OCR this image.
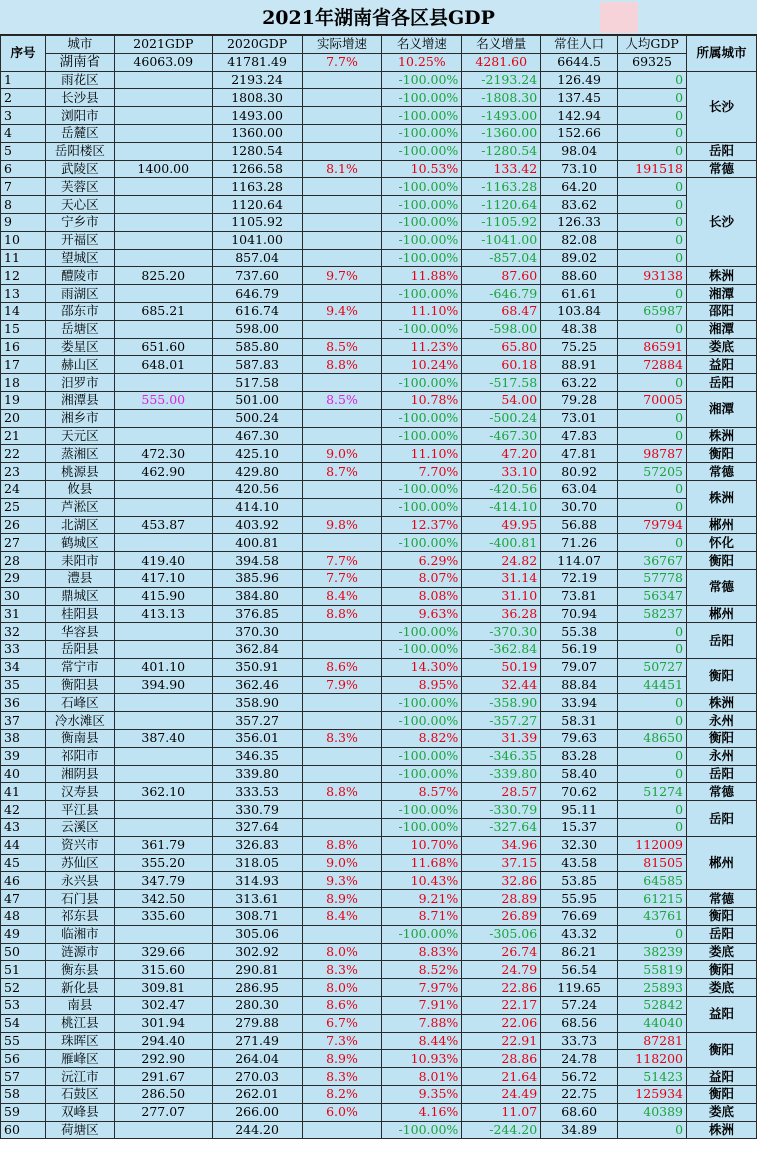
2021年湖南省各区县GDP
序号	城市	2021GDP	2020GDP	实际增速	名义增速	名义增量	常住人口	人均GDP	所属城市
	湖南省	46063.09	41781.49	7.7%	10.25%	4281.60	6644.5	69325	
1	雨花区		2193.24		-100.00%	-2193.24	126.49	0	长沙
2	长沙县		1808.30		-100.00%	-1808.30	137.45	0	
3	浏阳市		1493.00		-100.00%	-1493.00	142.94	0	
4	岳麓区		1360.00		-100.00%	-1360.00	152.66	0	
5	岳阳楼区		1280.54		-100.00%	-1280.54	98.04	0	岳阳
6	武陵区	1400.00	1266.58	8.1%	10.53%	133.42	73.10	191518	常德
7	芙蓉区		1163.28		-100.00%	-1163.28	64.20	0	长沙
8	天心区		1120.64		-100.00%	-1120.64	83.62	0	
9	宁乡市		1105.92		-100.00%	-1105.92	126.33	0	
10	开福区		1041.00		-100.00%	-1041.00	82.08	0	
11	望城区		857.04		-100.00%	-857.04	89.02	0	
12	醴陵市	825.20	737.60	9.7%	11.88%	87.60	88.60	93138	株洲
13	雨湖区		646.79		-100.00%	-646.79	61.61	0	湘潭
14	邵东市	685.21	616.74	9.4%	11.10%	68.47	103.84	65987	邵阳
15	岳塘区		598.00		-100.00%	-598.00	48.38	0	湘潭
16	娄星区	651.60	585.80	8.5%	11.23%	65.80	75.25	86591	娄底
17	赫山区	648.01	587.83	8.8%	10.24%	60.18	88.91	72884	益阳
18	汨罗市		517.58		-100.00%	-517.58	63.22	0	岳阳
19	湘潭县	555.00	501.00	8.5%	10.78%	54.00	79.28	70005	湘潭
20	湘乡市		500.24		-100.00%	-500.24	73.01	0	
21	天元区		467.30		-100.00%	-467.30	47.83	0	株洲
22	蒸湘区	472.30	425.10	9.0%	11.10%	47.20	47.81	98787	衡阳
23	桃源县	462.90	429.80	8.7%	7.70%	33.10	80.92	57205	常德
24	攸县		420.56		-100.00%	-420.56	63.04	0	株洲
25	芦淞区		414.10		-100.00%	-414.10	30.70	0	
26	北湖区	453.87	403.92	9.8%	12.37%	49.95	56.88	79794	郴州
27	鹤城区		400.81		-100.00%	-400.81	71.26	0	怀化
28	耒阳市	419.40	394.58	7.7%	6.29%	24.82	114.07	36767	衡阳
29	澧县	417.10	385.96	7.7%	8.07%	31.14	72.19	57778	常德
30	鼎城区	415.90	384.80	8.4%	8.08%	31.10	73.81	56347	
31	桂阳县	413.13	376.85	8.8%	9.63%	36.28	70.94	58237	郴州
32	华容县		370.30		-100.00%	-370.30	55.38	0	岳阳
33	岳阳县		362.84		-100.00%	-362.84	56.19	0	
34	常宁市	401.10	350.91	8.6%	14.30%	50.19	79.07	50727	衡阳
35	衡阳县	394.90	362.46	7.9%	8.95%	32.44	88.84	44451	
36	石峰区		358.90		-100.00%	-358.90	33.94	0	株洲
37	冷水滩区		357.27		-100.00%	-357.27	58.31	0	永州
38	衡南县	387.40	356.01	8.3%	8.82%	31.39	79.63	48650	衡阳
39	祁阳市		346.35		-100.00%	-346.35	83.28	0	永州
40	湘阴县		339.80		-100.00%	-339.80	58.40	0	岳阳
41	汉寿县	362.10	333.53	8.8%	8.57%	28.57	70.62	51274	常德
42	平江县		330.79		-100.00%	-330.79	95.11	0	岳阳
43	云溪区		327.64		-100.00%	-327.64	15.37	0	
44	资兴市	361.79	326.83	8.8%	10.70%	34.96	32.30	112009	郴州
45	苏仙区	355.20	318.05	9.0%	11.68%	37.15	43.58	81505	
46	永兴县	347.79	314.93	9.3%	10.43%	32.86	53.85	64585	
47	石门县	342.50	313.61	8.9%	9.21%	28.89	55.95	61215	常德
48	祁东县	335.60	308.71	8.4%	8.71%	26.89	76.69	43761	衡阳
49	临湘市		305.06		-100.00%	-305.06	43.32	0	岳阳
50	涟源市	329.66	302.92	8.0%	8.83%	26.74	86.21	38239	娄底
51	衡东县	315.60	290.81	8.3%	8.52%	24.79	56.54	55819	衡阳
52	新化县	309.81	286.95	8.0%	7.97%	22.86	119.65	25893	娄底
53	南县	302.47	280.30	8.6%	7.91%	22.17	57.24	52842	益阳
54	桃江县	301.94	279.88	6.7%	7.88%	22.06	68.56	44040	
55	珠晖区	294.40	271.49	7.3%	8.44%	22.91	33.73	87281	衡阳
56	雁峰区	292.90	264.04	8.9%	10.93%	28.86	24.78	118200	
57	沅江市	291.67	270.03	8.3%	8.01%	21.64	56.72	51423	益阳
58	石鼓区	286.50	262.01	8.2%	9.35%	24.49	22.75	125934	衡阳
59	双峰县	277.07	266.00	6.0%	4.16%	11.07	68.60	40389	娄底
60	荷塘区		244.20		-100.00%	-244.20	34.89	0	株洲
